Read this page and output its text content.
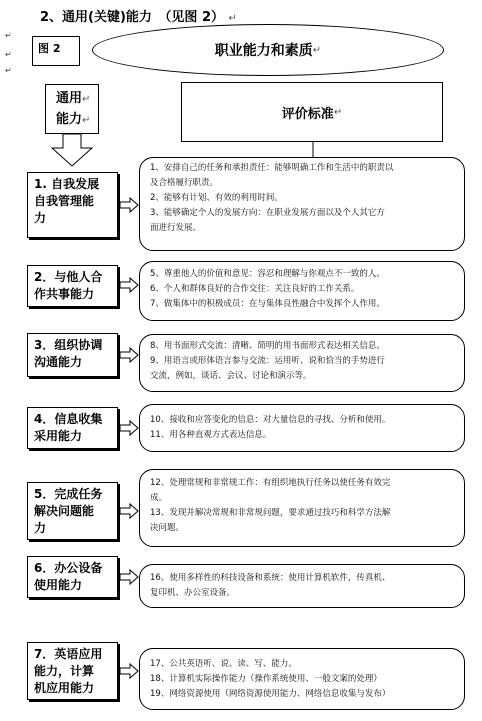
2、通用(关键)能力　（见图 2） ↵
↵
↵
↵
图 2	职业能力和素质 ↵
通用↵
能力↵	评价标准 ↵
1. 自我发展
自我管理能
力
1、安排自己的任务和承担责任：能够明确工作和生活中的职责以
及合格履行职责。
2、能够有计划、有效的利用时间。
3、能够确定个人的发展方向：在职业发展方面以及个人其它方
面进行发展。
2．与他人合
作共事能力
5、尊重他人的价值和意见：容忍和理解与你观点不一致的人。
6、个人和群体良好的合作交往：关注良好的工作关系。
7、做集体中的积极成员：在与集体良性融合中发挥个人作用。
3．组织协调
沟通能力
8、用书面形式交流：清晰、简明的用书面形式表达相关信息。
9、用语言或形体语言参与交流：运用听、说和恰当的手势进行
交流，例如，谈话、会议、讨论和演示等。
4．信息收集
采用能力
10、接收和应答变化的信息：对大量信息的寻找、分析和使用。
11、用各种直观方式表达信息。
5．完成任务
解决问题能
力
12、处理常规和非常规工作：有组织地执行任务以使任务有效完
成。
13、发现并解决常规和非常规问题，要求通过技巧和科学方法解
决问题。
6．办公设备
使用能力	16、使用多样性的科技设备和系统：使用计算机软件，传真机、
复印机、办公室设备。
7．英语应用
能力，计算
机应用能力
17、公共英语听、说、读、写、能力。
18、计算机实际操作能力（操作系统使用、一般文案的处理）
19、网络资源使用（网络资源使用能力、网络信息收集与发布）
